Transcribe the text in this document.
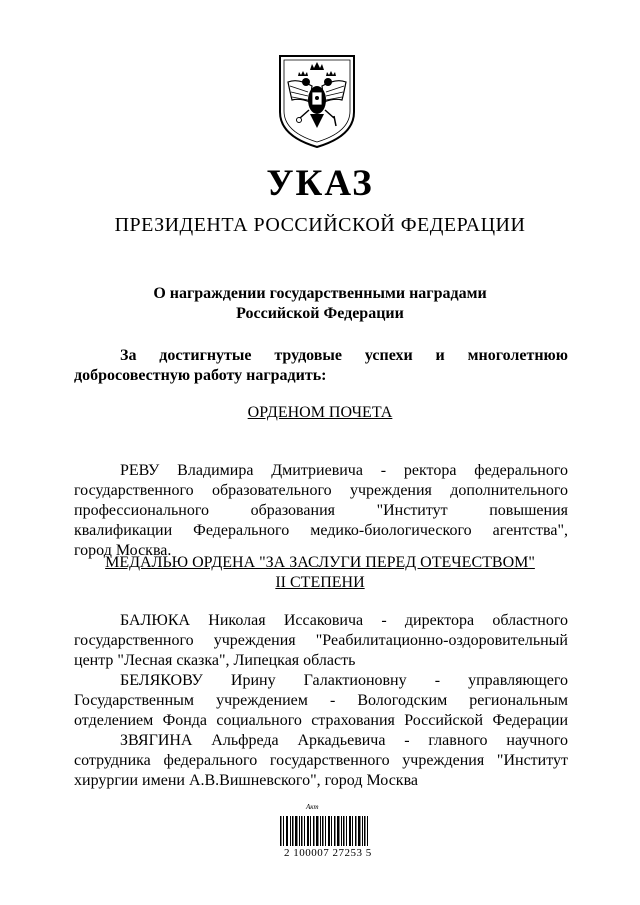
УКАЗ
ПРЕЗИДЕНТА РОССИЙСКОЙ ФЕДЕРАЦИИ
О награждении государственными наградами
Российской Федерации
За достигнутые трудовые успехи и многолетнюю
добросовестную работу наградить:
ОРДЕНОМ ПОЧЕТА
РЕВУ Владимира Дмитриевича - ректора федерального
государственного образовательного учреждения дополнительного
профессионального образования "Институт повышения
квалификации Федерального медико-биологического агентства",
город Москва.
МЕДАЛЬЮ ОРДЕНА "ЗА ЗАСЛУГИ ПЕРЕД ОТЕЧЕСТВОМ"
II СТЕПЕНИ
БАЛЮКА Николая Иссаковича - директора областного
государственного учреждения "Реабилитационно-оздоровительный
центр "Лесная сказка", Липецкая область
БЕЛЯКОВУ Ирину Галактионовну - управляющего
Государственным учреждением - Вологодским региональным
отделением Фонда социального страхования Российской Федерации
ЗВЯГИНА Альфреда Аркадьевича - главного научного
сотрудника федерального государственного учреждения "Институт
хирургии имени А.В.Вишневского", город Москва
Акт
2 100007 27253 5
